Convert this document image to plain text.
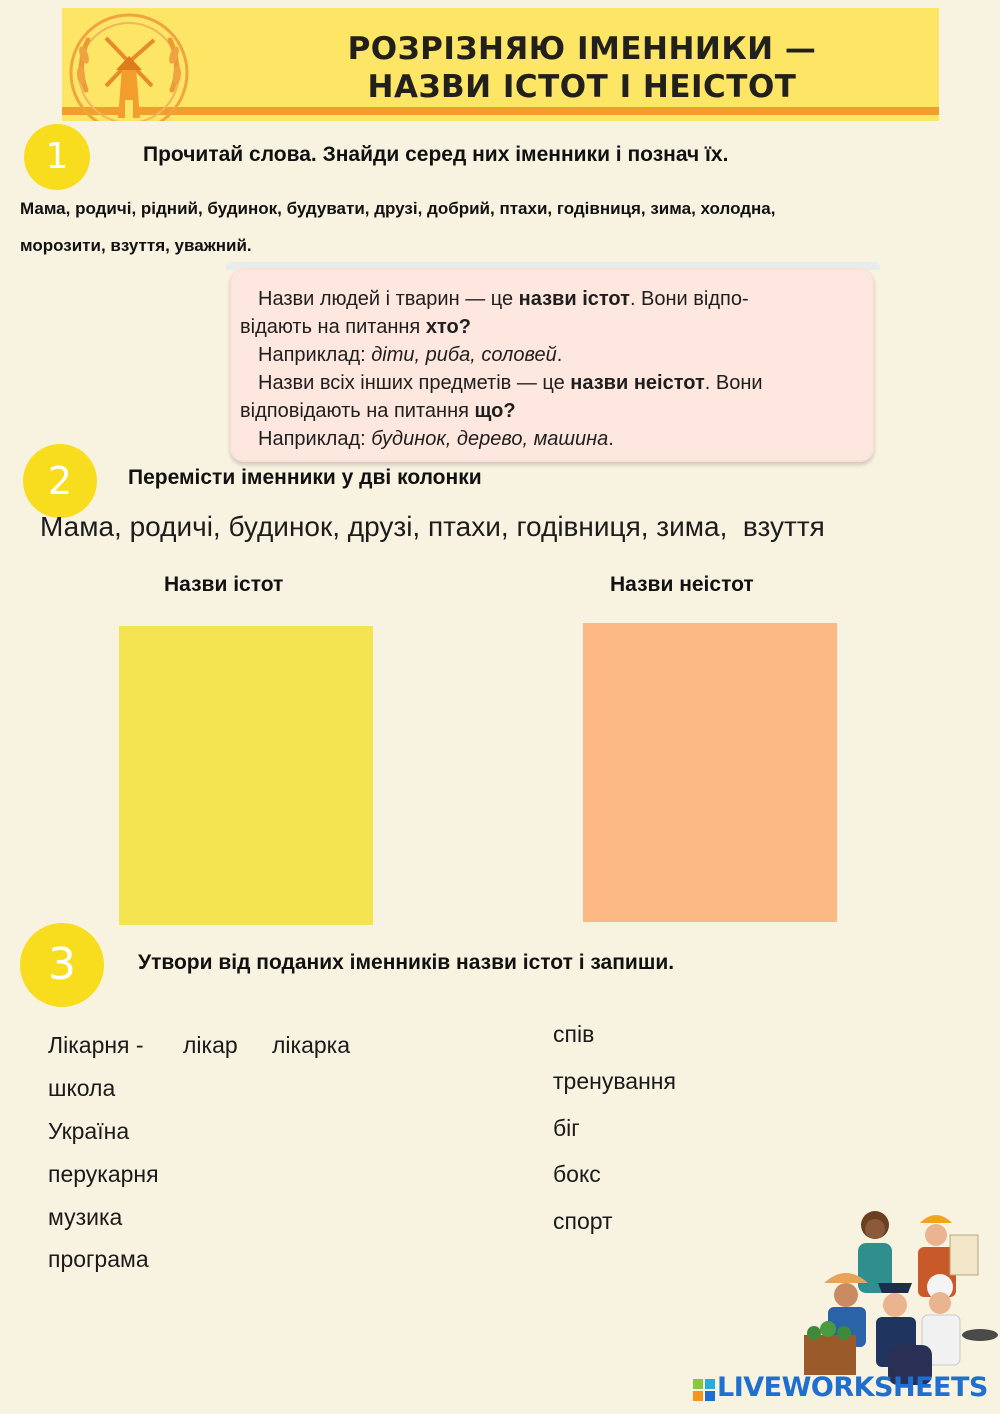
РОЗРІЗНЯЮ ІМЕННИКИ —
НАЗВИ ІСТОТ І НЕІСТОТ
1	Прочитай слова. Знайди серед них іменники і познач їх.
Мама, родичі, рідний, будинок, будувати, друзі, добрий, птахи, годівниця, зима, холодна,
морозити, взуття, уважний.

Назви людей і тварин — це назви істот. Вони відпо-

відають на питання хто?

Наприклад: діти, риба, соловей.

Назви всіх інших предметів — це назви неістот. Вони

відповідають на питання що?

Наприклад: будинок, дерево, машина.

2	Перемісти іменники у дві колонки
Мама, родичі, будинок, друзі, птахи, годівниця, зима,  взуття
Назви істот	Назви неістот
3	Утвори від поданих іменників назви істот і запиши.
Лікарня - лікар лікарка
школа
Україна
перукарня
музика
програма
спів
тренування
біг
бокс
спорт
LIVEWORKSHEETS
